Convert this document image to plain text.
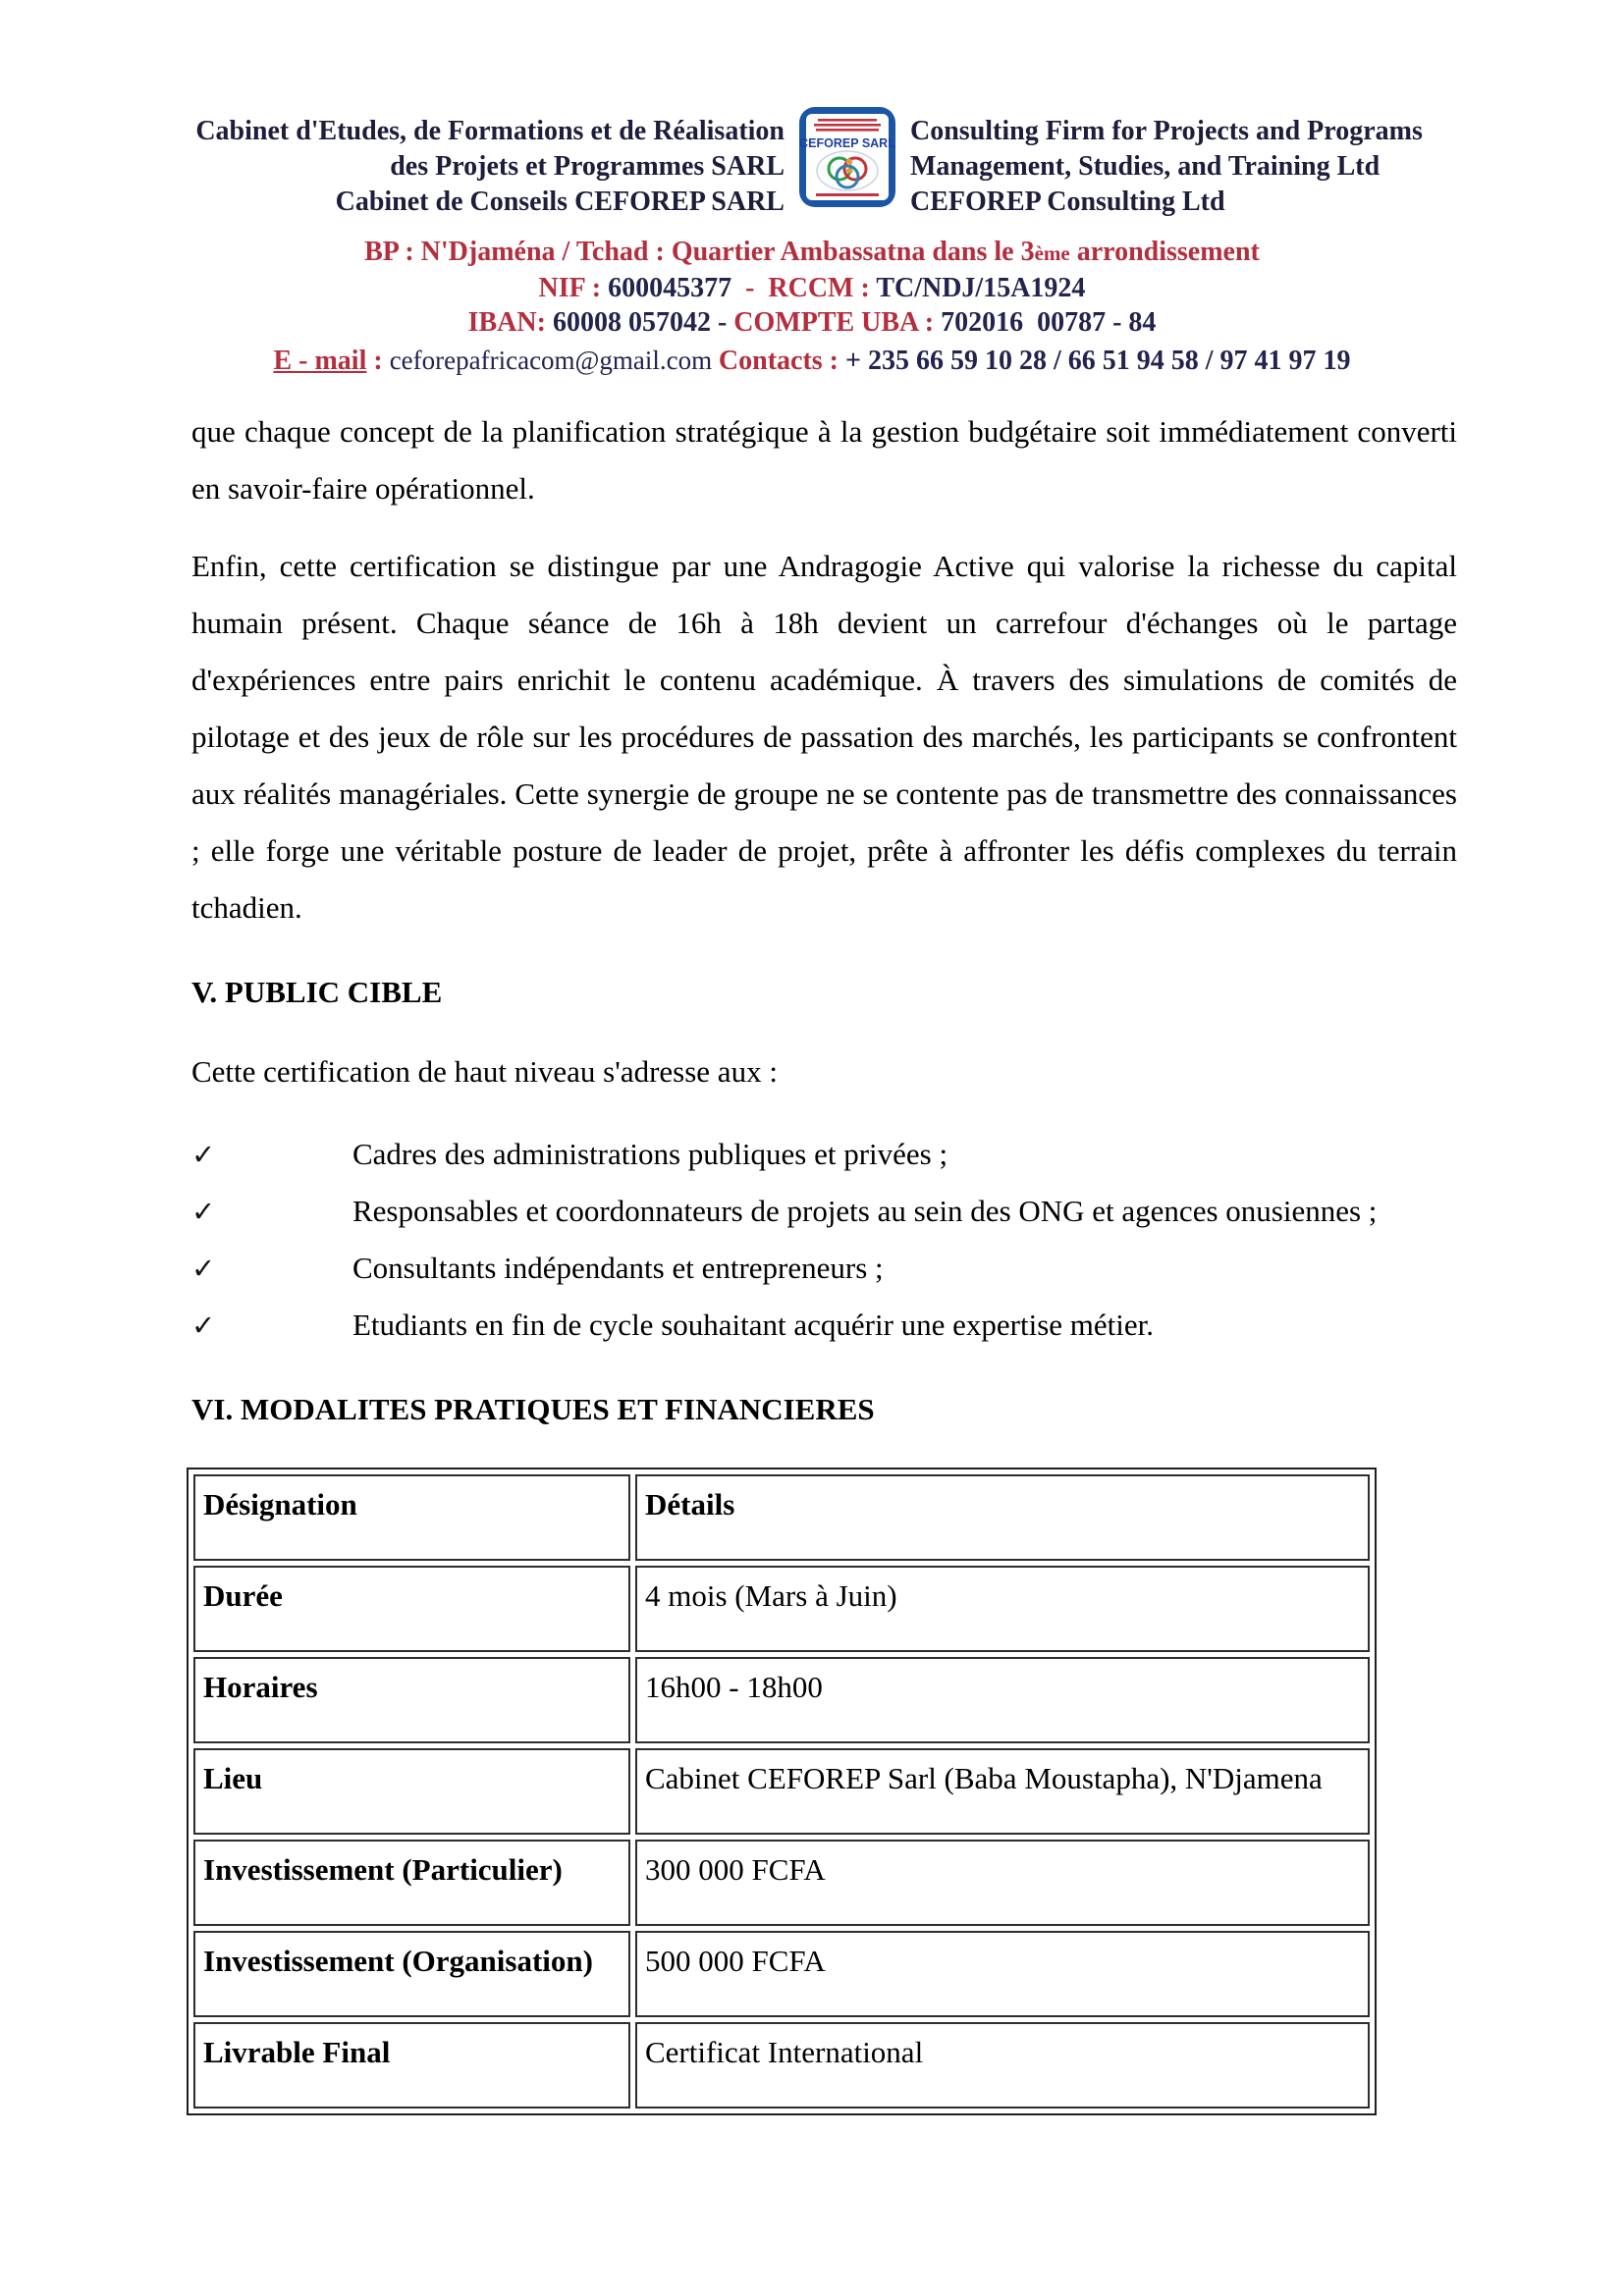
Cabinet d'Etudes, de Formations et de Réalisation
des Projets et Programmes SARL
Cabinet de Conseils CEFOREP SARL
CEFOREP SARL Consulting Firm for Projects and Programs
Management, Studies, and Training Ltd
CEFOREP Consulting Ltd
BP : N'Djaména / Tchad : Quartier Ambassatna dans le 3ème arrondissement
NIF : 600045377  -  RCCM : TC/NDJ/15A1924
IBAN: 60008 057042 - COMPTE UBA : 702016  00787 - 84
E - mail : ceforepafricacom@gmail.com Contacts : + 235 66 59 10 28 / 66 51 94 58 / 97 41 97 19

que chaque concept de la planification stratégique à la gestion budgétaire soit immédiatement converti en savoir-faire opérationnel.

Enfin, cette certification se distingue par une Andragogie Active qui valorise la richesse du capital humain présent. Chaque séance de 16h à 18h devient un carrefour d'échanges où le partage d'expériences entre pairs enrichit le contenu académique. À travers des simulations de comités de pilotage et des jeux de rôle sur les procédures de passation des marchés, les participants se confrontent aux réalités managériales. Cette synergie de groupe ne se contente pas de transmettre des connaissances ; elle forge une véritable posture de leader de projet, prête à affronter les défis complexes du terrain tchadien.

V. PUBLIC CIBLE

Cette certification de haut niveau s'adresse aux :

✓	Cadres des administrations publiques et privées ;
✓	Responsables et coordonnateurs de projets au sein des ONG et agences onusiennes ;
✓	Consultants indépendants et entrepreneurs ;
✓	Etudiants en fin de cycle souhaitant acquérir une expertise métier.
VI. MODALITES PRATIQUES ET FINANCIERES
Désignation	Détails
Durée	4 mois (Mars à Juin)
Horaires	16h00 - 18h00
Lieu	Cabinet CEFOREP Sarl (Baba Moustapha), N'Djamena
Investissement (Particulier)	300 000 FCFA
Investissement (Organisation)	500 000 FCFA
Livrable Final	Certificat International
